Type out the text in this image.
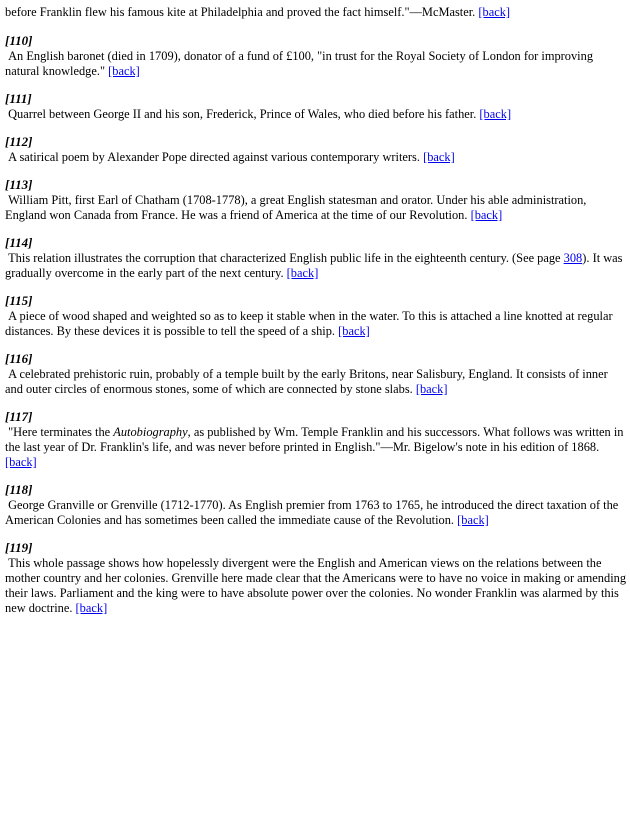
before Franklin flew his famous kite at Philadelphia and proved the fact himself."—McMaster. [back]

[110]

An English baronet (died in 1709), donator of a fund of £100, "in trust for the Royal Society of London for improving natural knowledge." [back]

[111]

Quarrel between George II and his son, Frederick, Prince of Wales, who died before his father. [back]

[112]

A satirical poem by Alexander Pope directed against various contemporary writers. [back]

[113]

William Pitt, first Earl of Chatham (1708-1778), a great English statesman and orator. Under his able administration, England won Canada from France. He was a friend of America at the time of our Revolution. [back]

[114]

This relation illustrates the corruption that characterized English public life in the eighteenth century. (See page 308). It was gradually overcome in the early part of the next century. [back]

[115]

A piece of wood shaped and weighted so as to keep it stable when in the water. To this is attached a line knotted at regular distances. By these devices it is possible to tell the speed of a ship. [back]

[116]

A celebrated prehistoric ruin, probably of a temple built by the early Britons, near Salisbury, England. It consists of inner and outer circles of enormous stones, some of which are connected by stone slabs. [back]

[117]

"Here terminates the Autobiography, as published by Wm. Temple Franklin and his successors. What follows was written in the last year of Dr. Franklin's life, and was never before printed in English."—Mr. Bigelow's note in his edition of 1868. [back]

[118]

George Granville or Grenville (1712-1770). As English premier from 1763 to 1765, he introduced the direct taxation of the American Colonies and has sometimes been called the immediate cause of the Revolution. [back]

[119]

This whole passage shows how hopelessly divergent were the English and American views on the relations between the mother country and her colonies. Grenville here made clear that the Americans were to have no voice in making or amending their laws. Parliament and the king were to have absolute power over the colonies. No wonder Franklin was alarmed by this new doctrine. [back]
